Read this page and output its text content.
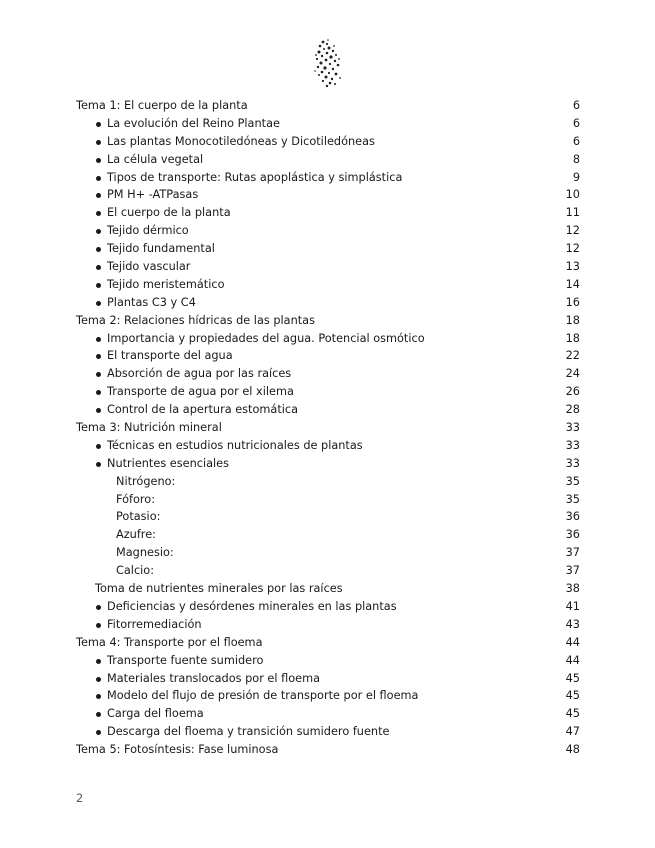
Tema 1: El cuerpo de la planta	6
La evolución del Reino Plantae	6
Las plantas Monocotiledóneas y Dicotiledóneas	6
La célula vegetal	8
Tipos de transporte: Rutas apoplástica y simplástica	9
PM H+ -ATPasas	10
El cuerpo de la planta	11
Tejido dérmico	12
Tejido fundamental	12
Tejido vascular	13
Tejido meristemático	14
Plantas C3 y C4	16
Tema 2: Relaciones hídricas de las plantas	18
Importancia y propiedades del agua. Potencial osmótico	18
El transporte del agua	22
Absorción de agua por las raíces	24
Transporte de agua por el xilema	26
Control de la apertura estomática	28
Tema 3: Nutrición mineral	33
Técnicas en estudios nutricionales de plantas	33
Nutrientes esenciales	33
Nitrógeno:	35
Fóforo:	35
Potasio:	36
Azufre:	36
Magnesio:	37
Calcio:	37
Toma de nutrientes minerales por las raíces	38
Deficiencias y desórdenes minerales en las plantas	41
Fitorremediación	43
Tema 4: Transporte por el floema	44
Transporte fuente sumidero	44
Materiales translocados por el floema	45
Modelo del flujo de presión de transporte por el floema	45
Carga del floema	45
Descarga del floema y transición sumidero fuente	47
Tema 5: Fotosíntesis: Fase luminosa	48
2
